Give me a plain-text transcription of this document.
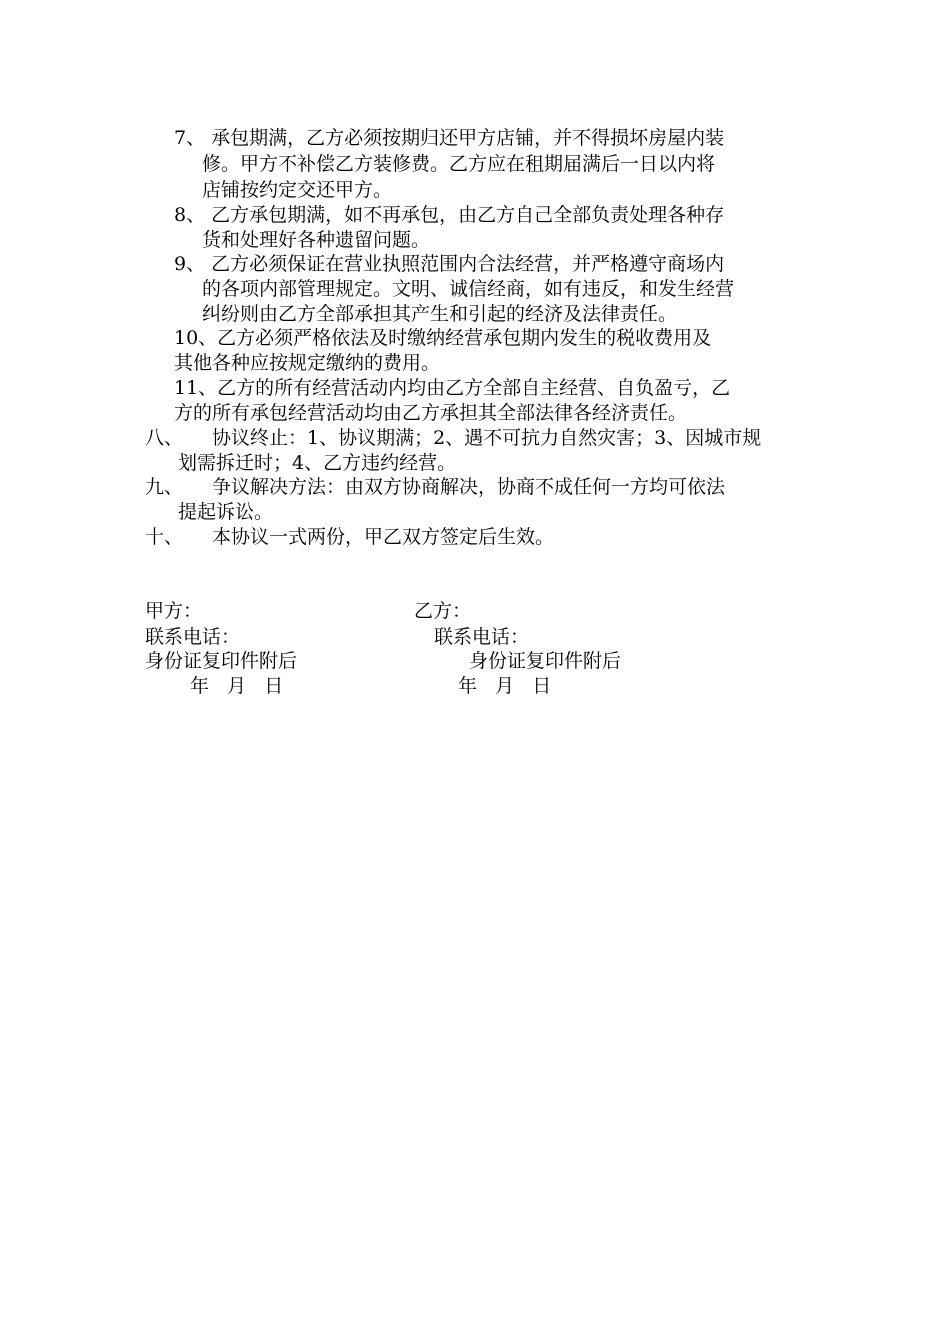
7、 承包期满，乙方必须按期归还甲方店铺，并不得损坏房屋内装
修。甲方不补偿乙方装修费。乙方应在租期届满后一日以内将
店铺按约定交还甲方。
8、 乙方承包期满，如不再承包，由乙方自己全部负责处理各种存
货和处理好各种遗留问题。
9、 乙方必须保证在营业执照范围内合法经营，并严格遵守商场内
的各项内部管理规定。文明、诚信经商，如有违反，和发生经营
纠纷则由乙方全部承担其产生和引起的经济及法律责任。
10、乙方必须严格依法及时缴纳经营承包期内发生的税收费用及
其他各种应按规定缴纳的费用。
11、乙方的所有经营活动内均由乙方全部自主经营、自负盈亏，乙
方的所有承包经营活动均由乙方承担其全部法律各经济责任。
八、 协议终止：1、协议期满；2、遇不可抗力自然灾害；3、因城市规
划需拆迁时；4、乙方违约经营。
九、 争议解决方法：由双方协商解决，协商不成任何一方均可依法
提起诉讼。
十、 本协议一式两份，甲乙双方签定后生效。
甲方：
联系电话：
身份证复印件附后
年   月   日
乙方：
联系电话：
身份证复印件附后
年   月   日
